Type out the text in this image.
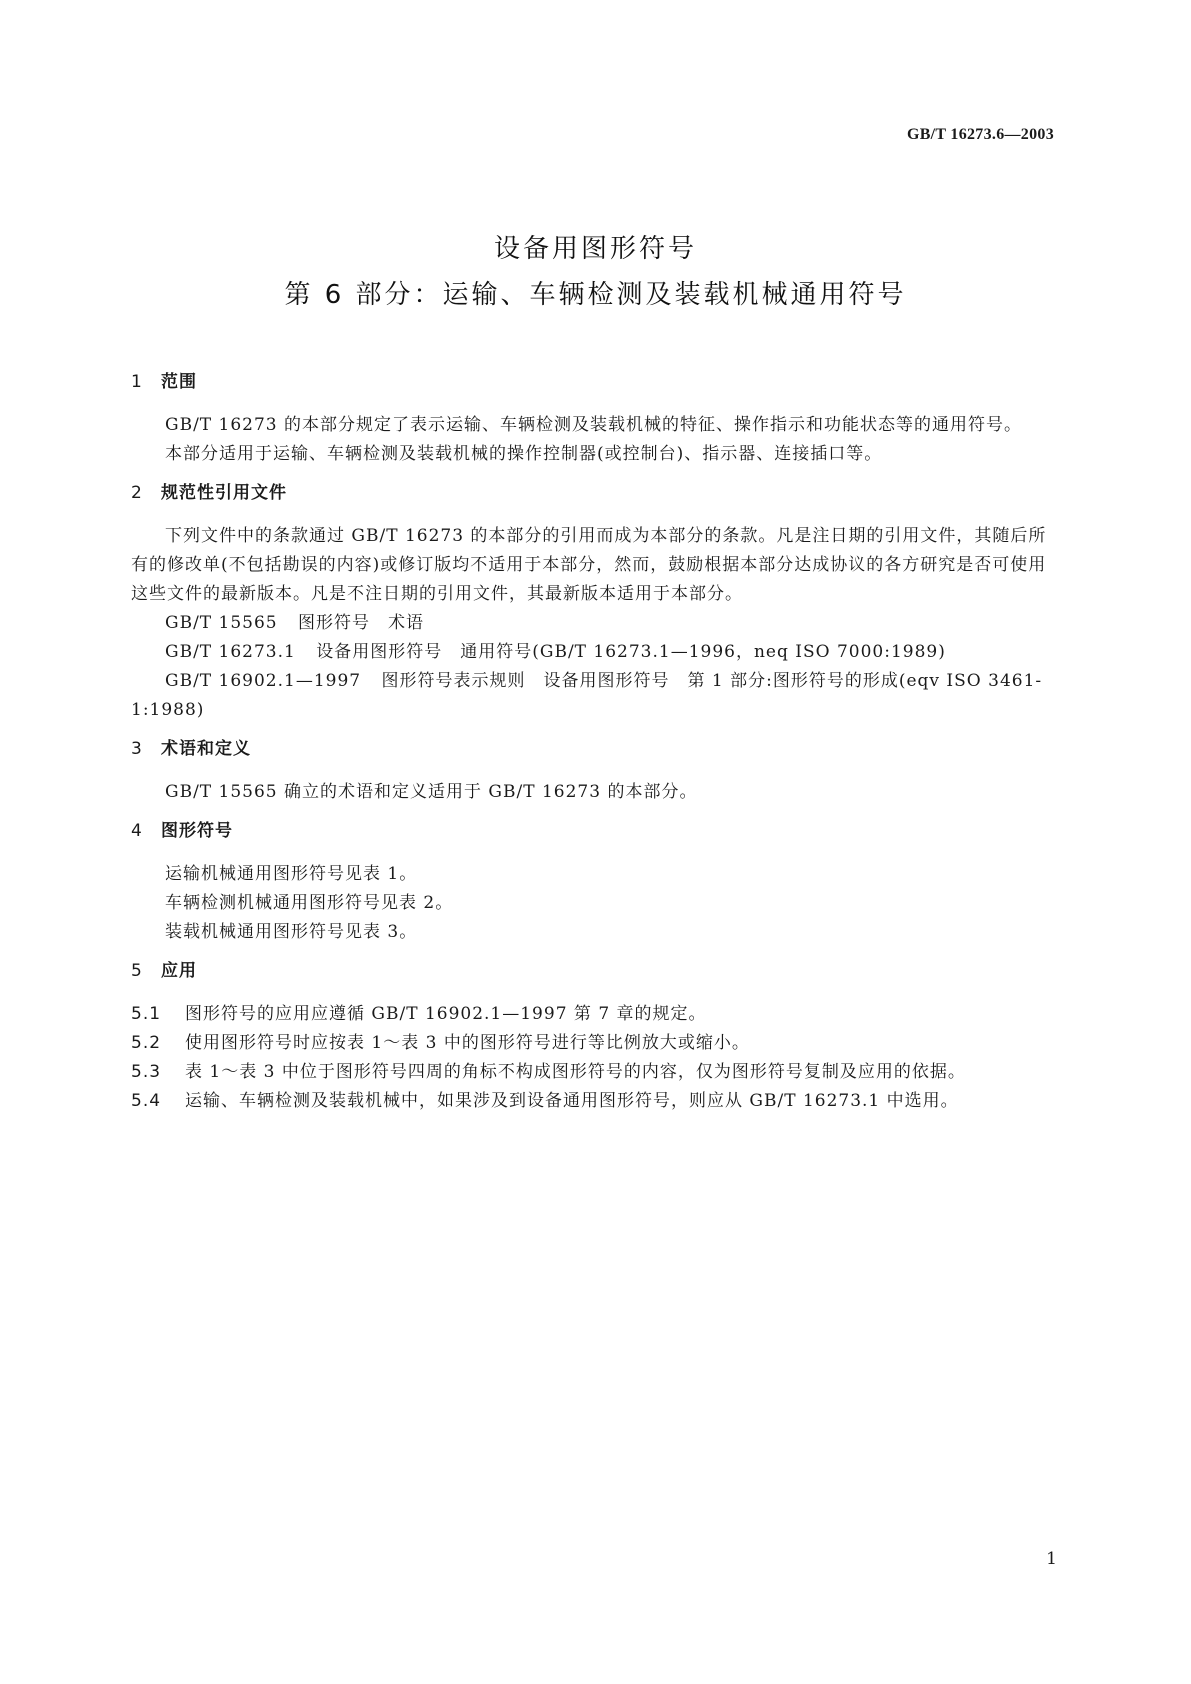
GB/T 16273.6—2003
设备用图形符号
第 6 部分：运输、车辆检测及装载机械通用符号
1 范围

GB/T 16273 的本部分规定了表示运输、车辆检测及装载机械的特征、操作指示和功能状态等的通用符号。

本部分适用于运输、车辆检测及装载机械的操作控制器(或控制台)、指示器、连接插口等。

2 规范性引用文件

下列文件中的条款通过 GB/T 16273 的本部分的引用而成为本部分的条款。凡是注日期的引用文件，其随后所有的修改单(不包括勘误的内容)或修订版均不适用于本部分，然而，鼓励根据本部分达成协议的各方研究是否可使用这些文件的最新版本。凡是不注日期的引用文件，其最新版本适用于本部分。

GB/T 15565 图形符号　术语

GB/T 16273.1 设备用图形符号　通用符号(GB/T 16273.1—1996，neq ISO 7000:1989)

GB/T 16902.1—1997 图形符号表示规则　设备用图形符号　第 1 部分:图形符号的形成(eqv ISO 3461-1:1988)

3 术语和定义

GB/T 15565 确立的术语和定义适用于 GB/T 16273 的本部分。

4 图形符号

运输机械通用图形符号见表 1。

车辆检测机械通用图形符号见表 2。

装载机械通用图形符号见表 3。

5 应用

5.1 图形符号的应用应遵循 GB/T 16902.1—1997 第 7 章的规定。

5.2 使用图形符号时应按表 1～表 3 中的图形符号进行等比例放大或缩小。

5.3 表 1～表 3 中位于图形符号四周的角标不构成图形符号的内容，仅为图形符号复制及应用的依据。

5.4 运输、车辆检测及装载机械中，如果涉及到设备通用图形符号，则应从 GB/T 16273.1 中选用。

1
